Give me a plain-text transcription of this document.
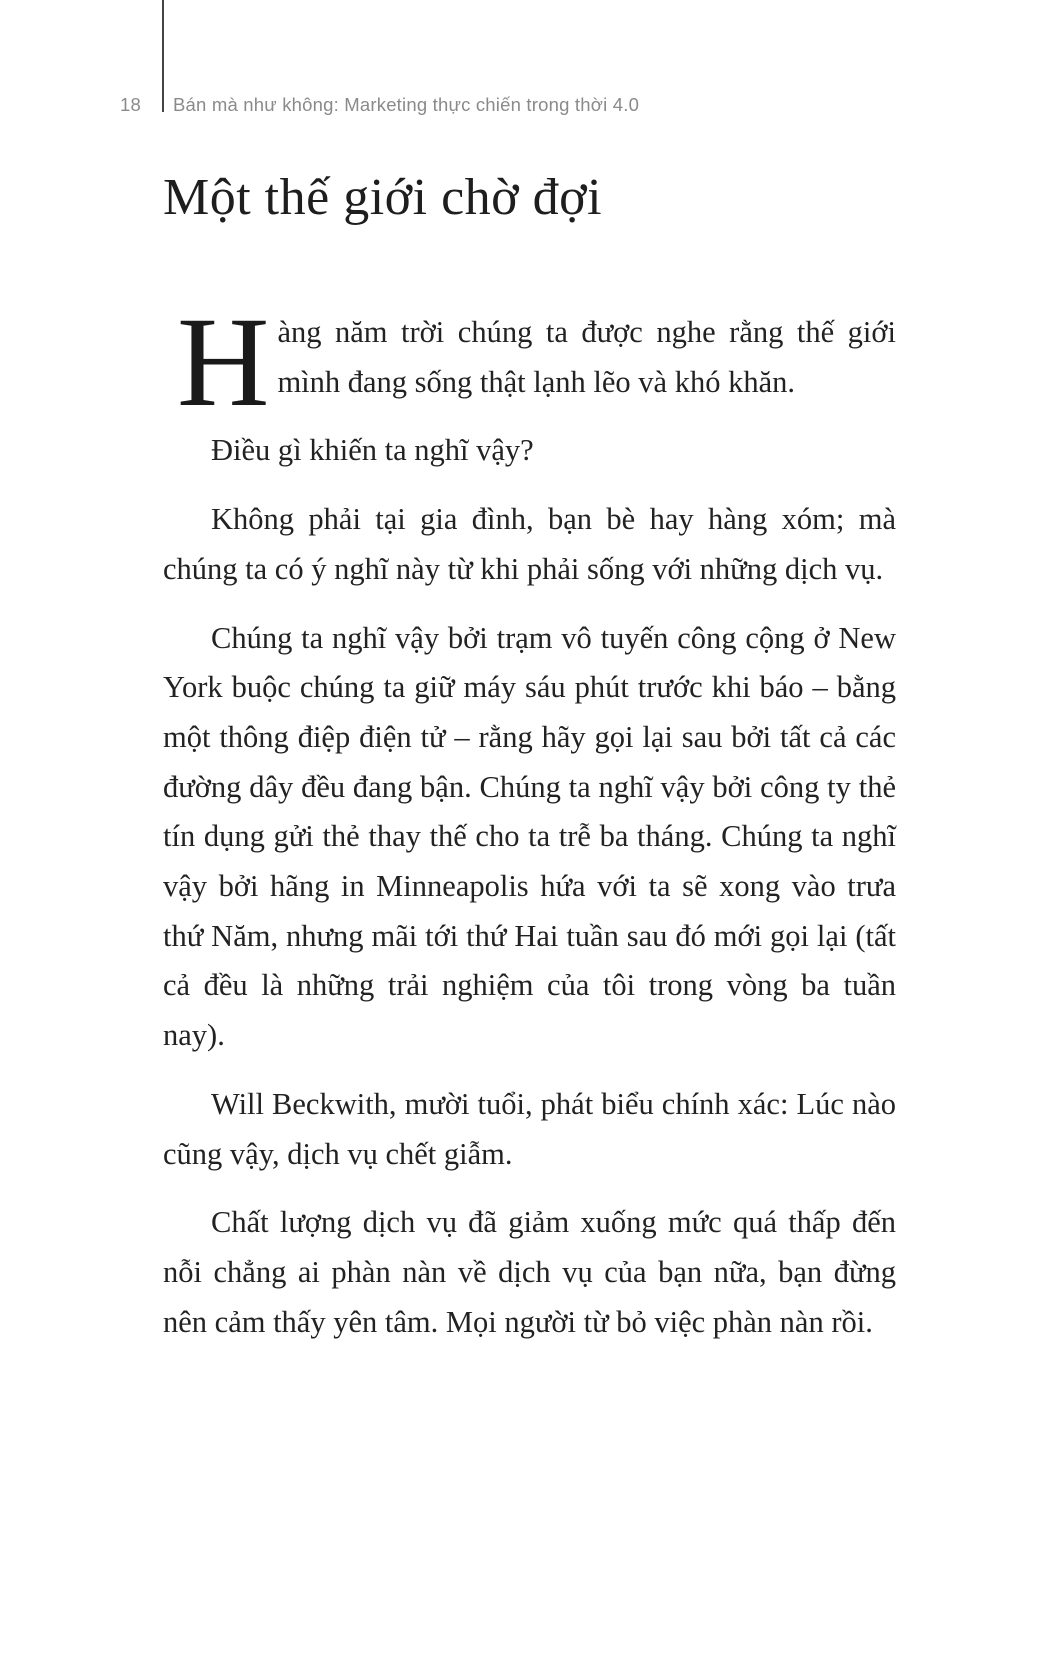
18 Bán mà như không: Marketing thực chiến trong thời 4.0
Một thế giới chờ đợi

Hàng năm trời chúng ta được nghe rằng thế giới mình đang sống thật lạnh lẽo và khó khăn.

Điều gì khiến ta nghĩ vậy?

Không phải tại gia đình, bạn bè hay hàng xóm; mà chúng ta có ý nghĩ này từ khi phải sống với những dịch vụ.

Chúng ta nghĩ vậy bởi trạm vô tuyến công cộng ở New York buộc chúng ta giữ máy sáu phút trước khi báo – bằng một thông điệp điện tử – rằng hãy gọi lại sau bởi tất cả các đường dây đều đang bận. Chúng ta nghĩ vậy bởi công ty thẻ tín dụng gửi thẻ thay thế cho ta trễ ba tháng. Chúng ta nghĩ vậy bởi hãng in Minneapolis hứa với ta sẽ xong vào trưa thứ Năm, nhưng mãi tới thứ Hai tuần sau đó mới gọi lại (tất cả đều là những trải nghiệm của tôi trong vòng ba tuần nay).

Will Beckwith, mười tuổi, phát biểu chính xác: Lúc nào cũng vậy, dịch vụ chết giẫm.

Chất lượng dịch vụ đã giảm xuống mức quá thấp đến nỗi chẳng ai phàn nàn về dịch vụ của bạn nữa, bạn đừng nên cảm thấy yên tâm. Mọi người từ bỏ việc phàn nàn rồi.
